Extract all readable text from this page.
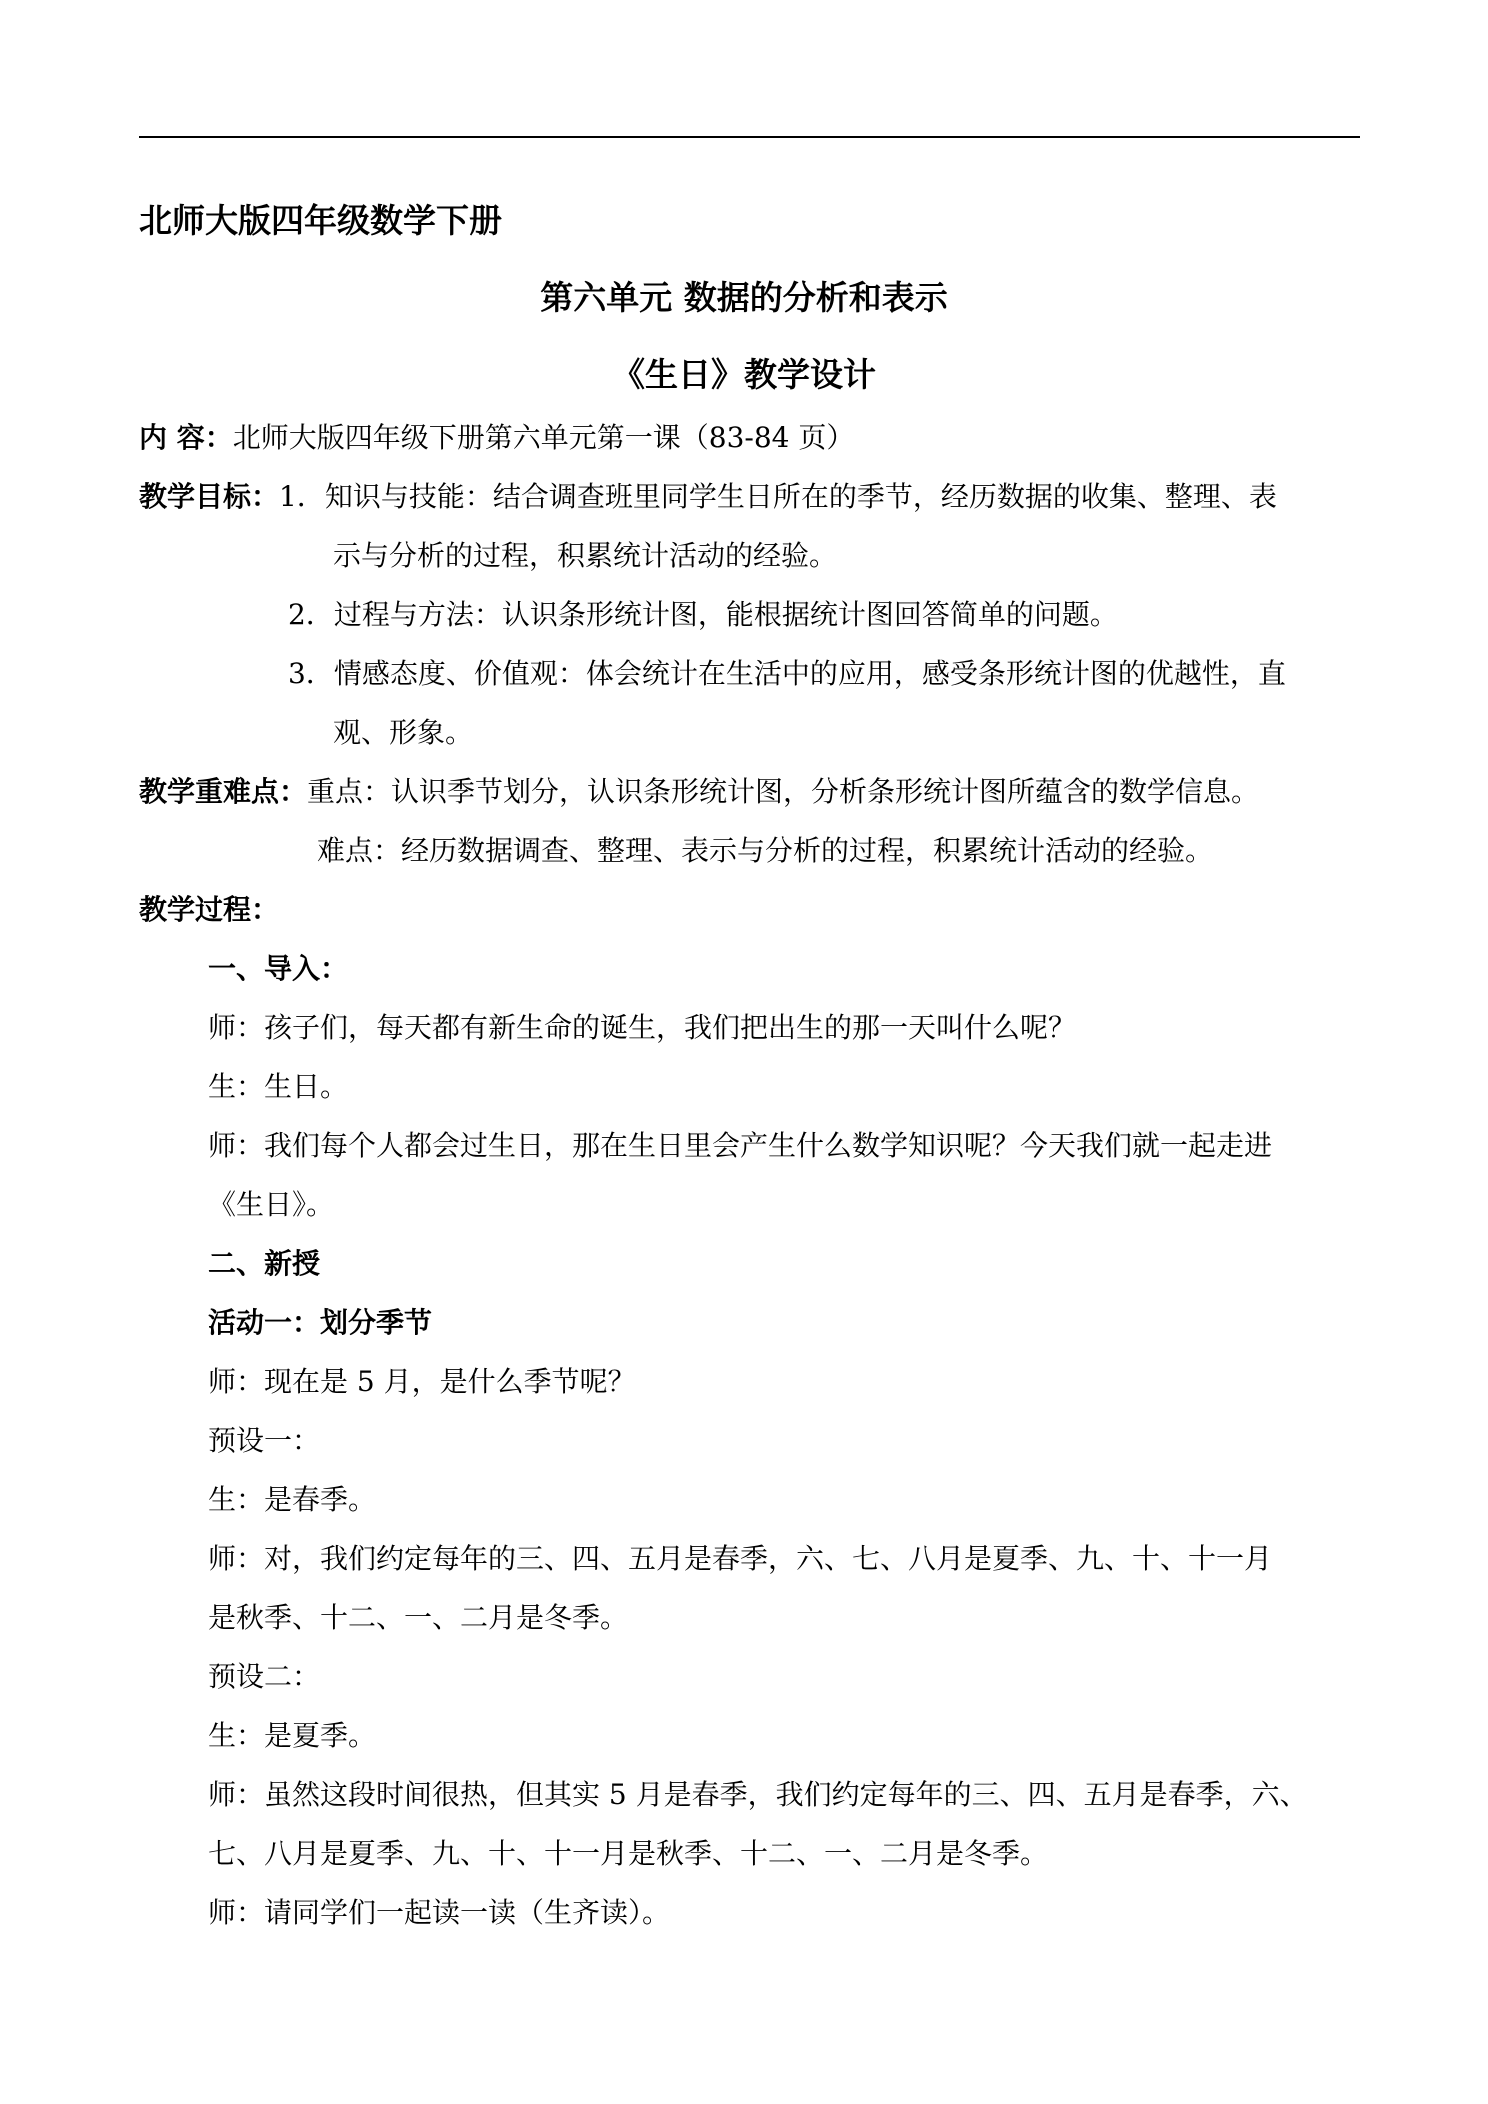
北师大版四年级数学下册
第六单元 数据的分析和表示
《生日》教学设计
内 容：北师大版四年级下册第六单元第一课（83-84 页）
教学目标：1．知识与技能：结合调查班里同学生日所在的季节，经历数据的收集、整理、表
示与分析的过程，积累统计活动的经验。
2．过程与方法：认识条形统计图，能根据统计图回答简单的问题。
3．情感态度、价值观：体会统计在生活中的应用，感受条形统计图的优越性，直
观、形象。
教学重难点：重点：认识季节划分，认识条形统计图，分析条形统计图所蕴含的数学信息。
难点：经历数据调查、整理、表示与分析的过程，积累统计活动的经验。
教学过程：
一、导入：
师：孩子们，每天都有新生命的诞生，我们把出生的那一天叫什么呢？
生：生日。
师：我们每个人都会过生日，那在生日里会产生什么数学知识呢？今天我们就一起走进
《生日》。
二、新授
活动一：划分季节
师：现在是 5 月，是什么季节呢？
预设一：
生：是春季。
师：对，我们约定每年的三、四、五月是春季，六、七、八月是夏季、九、十、十一月
是秋季、十二、一、二月是冬季。
预设二：
生：是夏季。
师：虽然这段时间很热，但其实 5 月是春季，我们约定每年的三、四、五月是春季，六、
七、八月是夏季、九、十、十一月是秋季、十二、一、二月是冬季。
师：请同学们一起读一读（生齐读）。
